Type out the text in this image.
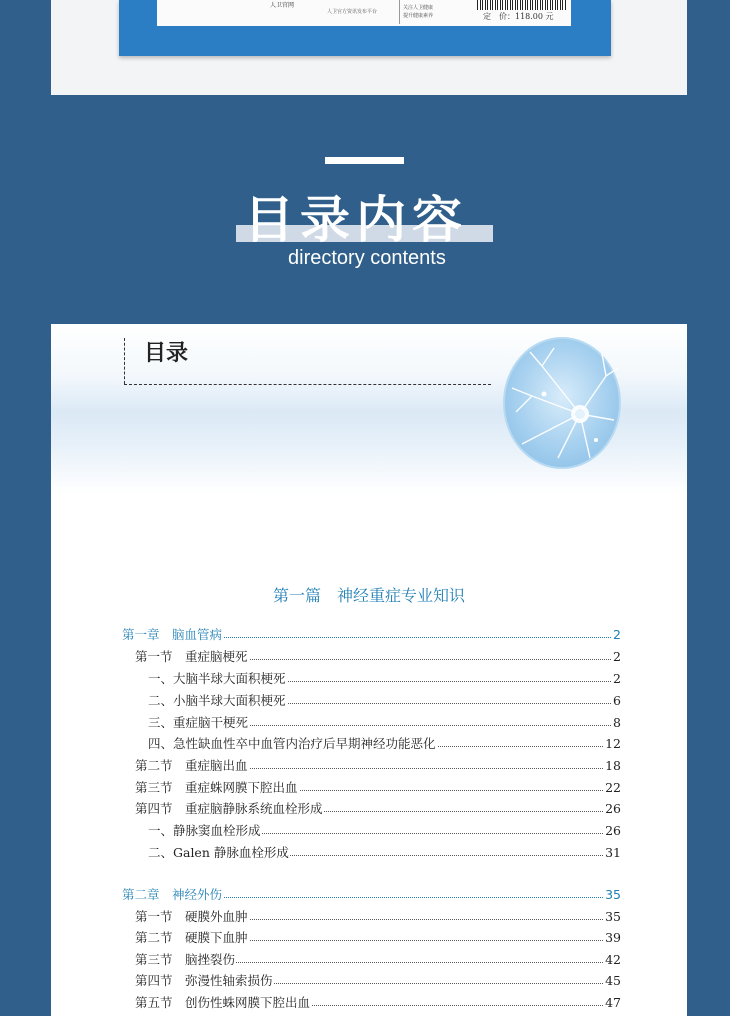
人卫官网
人卫官方资讯发布平台
关注人卫健康
提升健康素养	定　价：118.00 元
目录内容
directory contents
目录
第一篇　神经重症专业知识
第一章　脑血管病	2
第一节　重症脑梗死	2
一、大脑半球大面积梗死	2
二、小脑半球大面积梗死	6
三、重症脑干梗死	8
四、急性缺血性卒中血管内治疗后早期神经功能恶化	12
第二节　重症脑出血	18
第三节　重症蛛网膜下腔出血	22
第四节　重症脑静脉系统血栓形成	26
一、静脉窦血栓形成	26
二、Galen 静脉血栓形成	31
第二章　神经外伤	35
第一节　硬膜外血肿	35
第二节　硬膜下血肿	39
第三节　脑挫裂伤	42
第四节　弥漫性轴索损伤	45
第五节　创伤性蛛网膜下腔出血	47
